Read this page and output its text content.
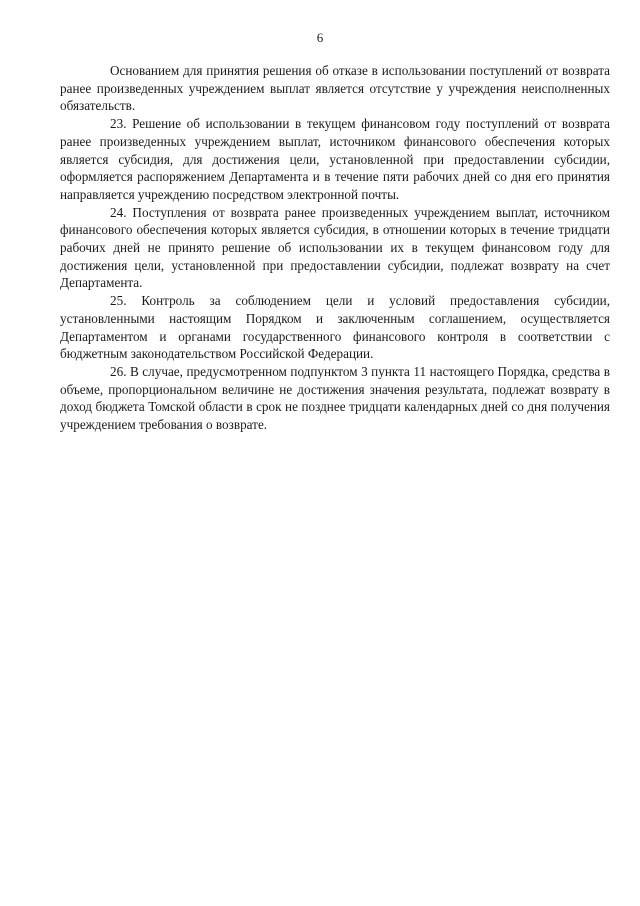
6

Основанием для принятия решения об отказе в использовании поступлений от возврата ранее произведенных учреждением выплат является отсутствие у учреждения неисполненных обязательств.

23. Решение об использовании в текущем финансовом году поступлений от возврата ранее произведенных учреждением выплат, источником финансового обеспечения которых является субсидия, для достижения цели, установленной при предоставлении субсидии, оформляется распоряжением Департамента и в течение пяти рабочих дней со дня его принятия направляется учреждению посредством электронной почты.

24. Поступления от возврата ранее произведенных учреждением выплат, источником финансового обеспечения которых является субсидия, в отношении которых в течение тридцати рабочих дней не принято решение об использовании их в текущем финансовом году для достижения цели, установленной при предоставлении субсидии, подлежат возврату на счет Департамента.

25. Контроль за соблюдением цели и условий предоставления субсидии, установленными настоящим Порядком и заключенным соглашением, осуществляется Департаментом и органами государственного финансового контроля в соответствии с бюджетным законодательством Российской Федерации.

26. В случае, предусмотренном подпунктом 3 пункта 11 настоящего Порядка, средства в объеме, пропорциональном величине не достижения значения результата, подлежат возврату в доход бюджета Томской области в срок не позднее тридцати календарных дней со дня получения учреждением требования о возврате.
